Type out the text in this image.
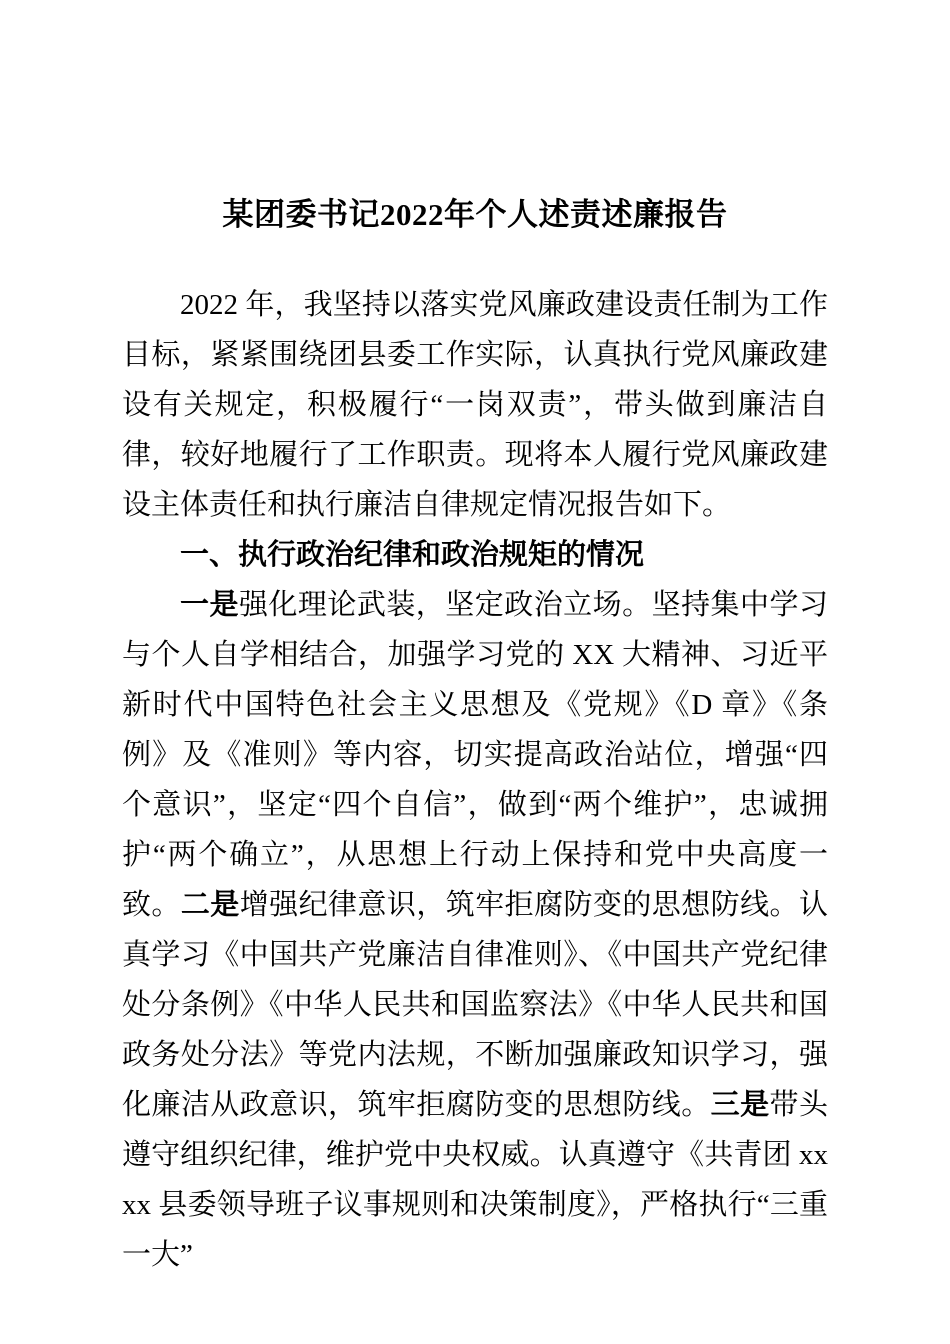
某团委书记2022年个人述责述廉报告

2022 年，我坚持以落实党风廉政建设责任制为工作目标，紧紧围绕团县委工作实际，认真执行党风廉政建设有关规定，积极履行“一岗双责”，带头做到廉洁自律，较好地履行了工作职责。现将本人履行党风廉政建设主体责任和执行廉洁自律规定情况报告如下。

一、执行政治纪律和政治规矩的情况

一是强化理论武装，坚定政治立场。坚持集中学习与个人自学相结合，加强学习党的 XX 大精神、习近平新时代中国特色社会主义思想及《党规》《D 章》《条例》及《准则》等内容，切实提高政治站位，增强“四个意识”，坚定“四个自信”，做到“两个维护”，忠诚拥护“两个确立”，从思想上行动上保持和党中央高度一致。二是增强纪律意识，筑牢拒腐防变的思想防线。认真学习《中国共产党廉洁自律准则》、《中国共产党纪律处分条例》《中华人民共和国监察法》《中华人民共和国政务处分法》等党内法规，不断加强廉政知识学习，强化廉洁从政意识，筑牢拒腐防变的思想防线。三是带头遵守组织纪律，维护党中央权威。认真遵守《共青团 xxxx 县委领导班子议事规则和决策制度》，严格执行“三重一大”
